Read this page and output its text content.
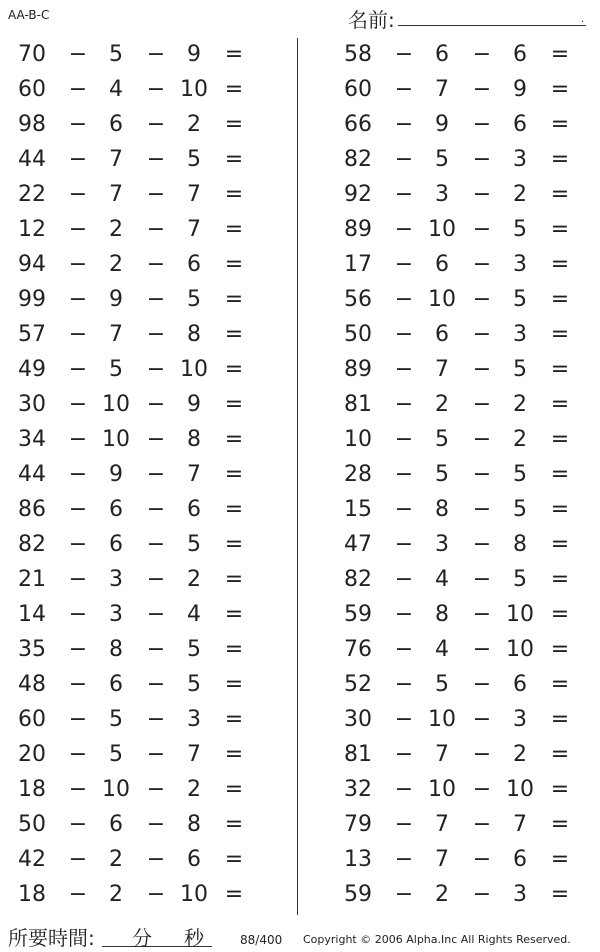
AA-B-C	名前:	.
70 − 5	− 9	=
60 − 4	− 10 =
98 − 6	− 2	=
44 − 7	− 5	=
22 − 7	− 7	=
12 − 2	− 7	=
94 − 2	− 6	=
99 − 9	− 5	=
57 − 7	− 8	=
49 − 5	− 10 =
30 − 10 − 9	=
34 − 10 − 8	=
44 − 9	− 7	=
86 − 6	− 6	=
82 − 6	− 5	=
21 − 3	− 2	=
14 − 3	− 4	=
35 − 8	− 5	=
48 − 6	− 5	=
60 − 5	− 3	=
20 − 5	− 7	=
18 − 10 − 2	=
50 − 6	− 8	=
42 − 2	− 6	=
18 − 2	− 10 =
58 − 6	− 6	=
60 − 7	− 9	=
66 − 9	− 6	=
82 − 5	− 3	=
92 − 3	− 2	=
89 − 10 − 5	=
17 − 6	− 3	=
56 − 10 − 5	=
50 − 6	− 3	=
89 − 7	− 5	=
81 − 2	− 2	=
10 − 5	− 2	=
28 − 5	− 5	=
15 − 8	− 5	=
47 − 3	− 8	=
82 − 4	− 5	=
59 − 8	− 10 =
76 − 4	− 10 =
52 − 5	− 6	=
30 − 10 − 3	=
81 − 7	− 2	=
32 − 10 − 10 =
79 − 7	− 7	=
13 − 7	− 6	=
59 − 2	− 3	=
所要時間: 分 秒	88/400 Copyright © 2006 Alpha.Inc All Rights Reserved.
